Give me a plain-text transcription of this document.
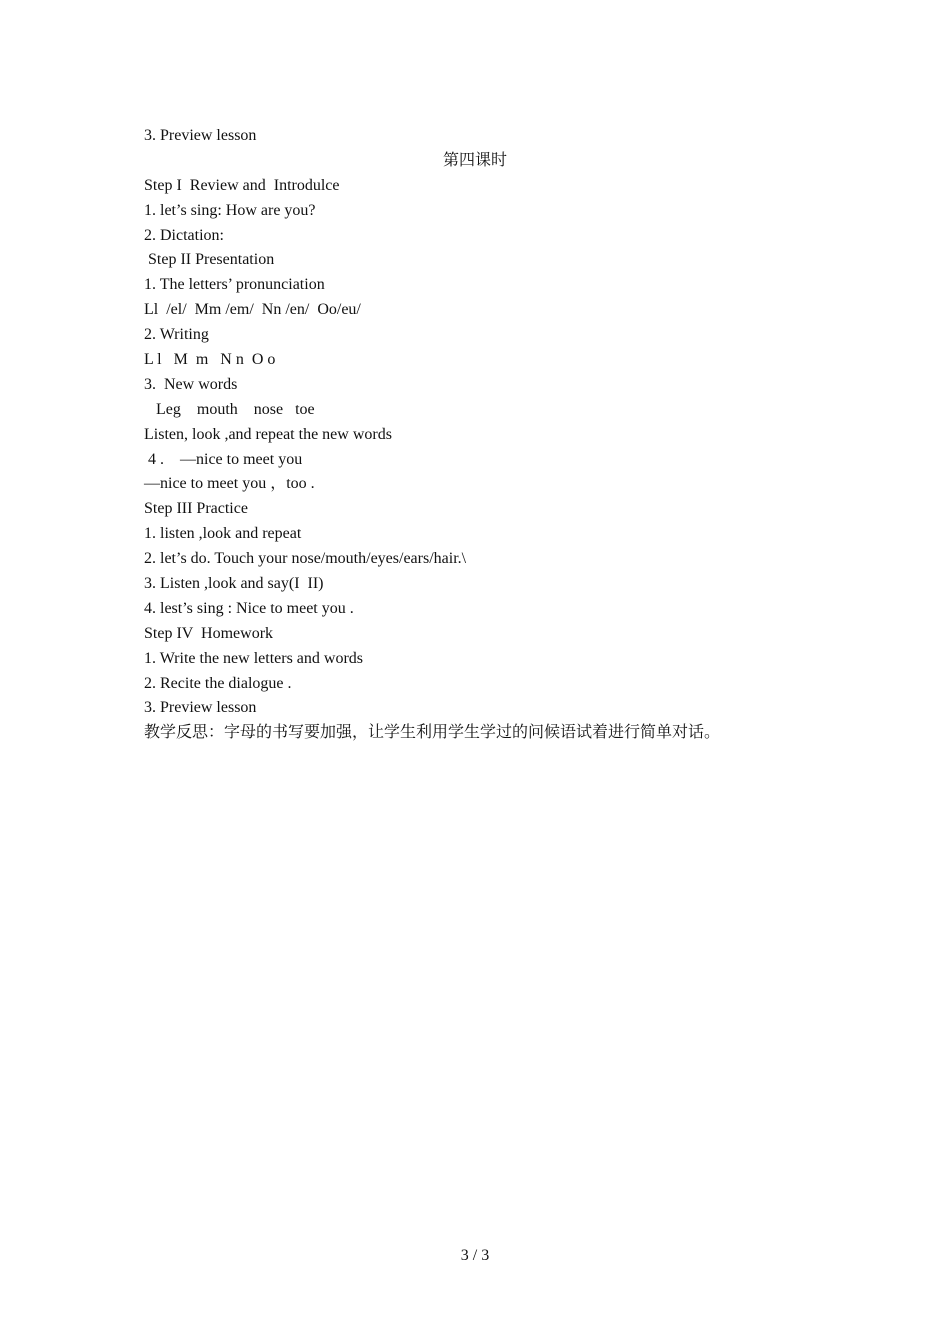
3. Preview lesson
第四课时
Step I  Review and  Introdulce
1. let’s sing: How are you?
2. Dictation:
Step II Presentation
1. The letters’ pronunciation
Ll  /el/  Mm /em/  Nn /en/  Oo/eu/
2. Writing
L l   M  m   N n  O o
3.  New words
Leg    mouth    nose   toe
Listen, look ,and repeat the new words
4 .    —nice to meet you
—nice to meet you ，too .
Step III Practice
1. listen ,look and repeat
2. let’s do. Touch your nose/mouth/eyes/ears/hair.\
3. Listen ,look and say(I  II)
4. lest’s sing : Nice to meet you .
Step IV  Homework
1. Write the new letters and words
2. Recite the dialogue .
3. Preview lesson
教学反思：字母的书写要加强，让学生利用学生学过的问候语试着进行简单对话。
3 / 3
